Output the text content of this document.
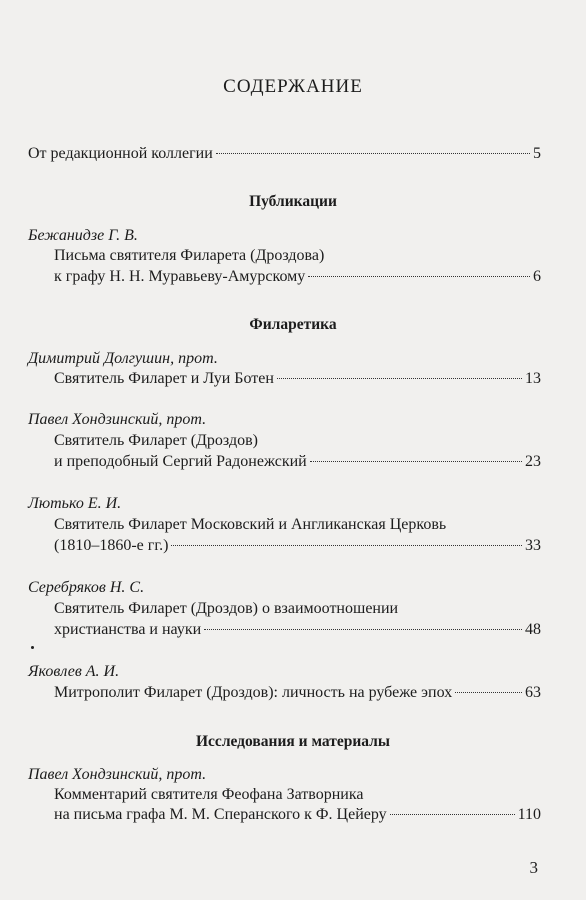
СОДЕРЖАНИЕ
От редакционной коллегии	5
Публикации
Бежанидзе Г. В.
Письма святителя Филарета (Дроздова)
к графу Н. Н. Муравьеву-Амурскому	6
Филаретика
Димитрий Долгушин, прот.
Святитель Филарет и Луи Ботен	13
Павел Хондзинский, прот.
Святитель Филарет (Дроздов)
и преподобный Сергий Радонежский	23
Лютько Е. И.
Святитель Филарет Московский и Англиканская Церковь
(1810–1860-е гг.)	33
Серебряков Н. С.
Святитель Филарет (Дроздов) о взаимоотношении
христианства и науки	48
Яковлев А. И.
Митрополит Филарет (Дроздов): личность на рубеже эпох	63
Исследования и материалы
Павел Хондзинский, прот.
Комментарий святителя Феофана Затворника
на письма графа М. М. Сперанского к Ф. Цейеру	110
3
